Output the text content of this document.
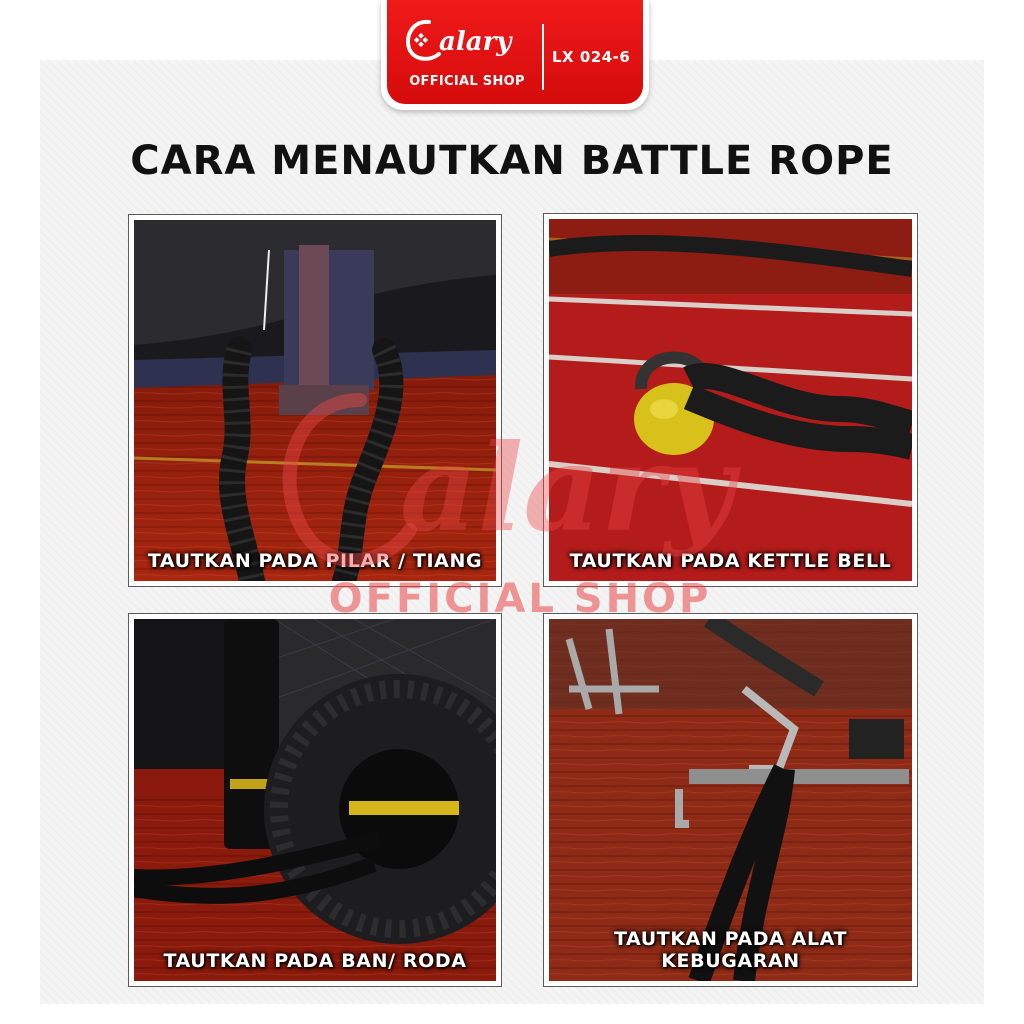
alary
OFFICIAL SHOP
LX 024-6
CARA MENAUTKAN BATTLE ROPE
TAUTKAN PADA PILAR / TIANG	TAUTKAN PADA KETTLE BELL
TAUTKAN PADA BAN/ RODA
TAUTKAN PADA ALAT KEBUGARAN
alary
OFFICIAL SHOP
